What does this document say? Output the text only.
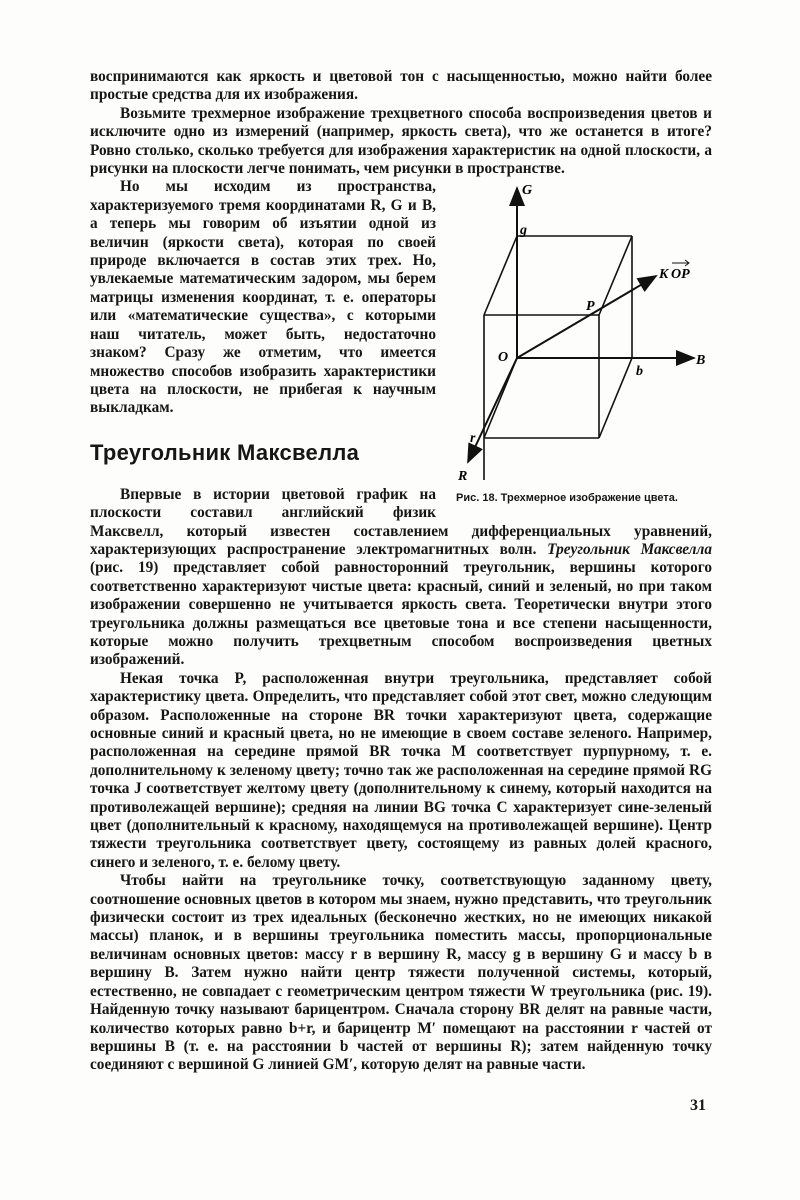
воспринимаются как яркость и цветовой тон с насыщенностью, можно найти более простые средства для их изображения.

Возьмите трехмерное изображение трехцветного способа воспроизведения цветов и исключите одно из измерений (например, яркость света), что же останется в итоге? Ровно столько, сколько требуется для изображения характеристик на одной плоскости, а рисунки на плоскости легче понимать, чем рисунки в пространстве.

G
g
K OP
P
O
b
B
r
R
Рис. 18. Трехмерное изображение цвета.

Но мы исходим из пространства, характеризуемого тремя координатами R, G и B, а теперь мы говорим об изъятии одной из величин (яркости света), которая по своей природе включается в состав этих трех. Но, увлекаемые математическим задором, мы берем матрицы изменения координат, т. е. операторы или «математические существа», с которыми наш читатель, может быть, недостаточно знаком? Сразу же отметим, что имеется множество способов изобразить характеристики цвета на плоскости, не прибегая к научным выкладкам.

Треугольник Максвелла

Впервые в истории цветовой график на плоскости составил английский физик Максвелл, который известен составлением дифференциальных уравнений, характеризующих распространение электромагнитных волн. Треугольник Максвелла (рис. 19) представляет собой равносторонний треугольник, вершины которого соответственно характеризуют чистые цвета: красный, синий и зеленый, но при таком изображении совершенно не учитывается яркость света. Теоретически внутри этого треугольника должны размещаться все цветовые тона и все степени насыщенности, которые можно получить трехцветным способом воспроизведения цветных изображений.

Некая точка P, расположенная внутри треугольника, представляет собой характеристику цвета. Определить, что представляет собой этот свет, можно следующим образом. Расположенные на стороне BR точки характеризуют цвета, содержащие основные синий и красный цвета, но не имеющие в своем составе зеленого. Например, расположенная на середине прямой BR точка M соответствует пурпурному, т. е. дополнительному к зеленому цвету; точно так же расположенная на середине прямой RG точка J соответствует желтому цвету (дополнительному к синему, который находится на противолежащей вершине); средняя на линии BG точка C характеризует сине-зеленый цвет (дополнительный к красному, находящемуся на противолежащей вершине). Центр тяжести треугольника соответствует цвету, состоящему из равных долей красного, синего и зеленого, т. е. белому цвету.

Чтобы найти на треугольнике точку, соответствующую заданному цвету, соотношение основных цветов в котором мы знаем, нужно представить, что треугольник физически состоит из трех идеальных (бесконечно жестких, но не имеющих никакой массы) планок, и в вершины треугольника поместить массы, пропорциональные величинам основных цветов: массу r в вершину R, массу g в вершину G и массу b в вершину B. Затем нужно найти центр тяжести полученной системы, который, естественно, не совпадает с геометрическим центром тяжести W треугольника (рис. 19). Найденную точку называют барицентром. Сначала сторону BR делят на равные части, количество которых равно b+r, и барицентр M′ помещают на расстоянии r частей от вершины B (т. е. на расстоянии b частей от вершины R); затем найденную точку соединяют с вершиной G линией GM′, которую делят на равные части.

31
